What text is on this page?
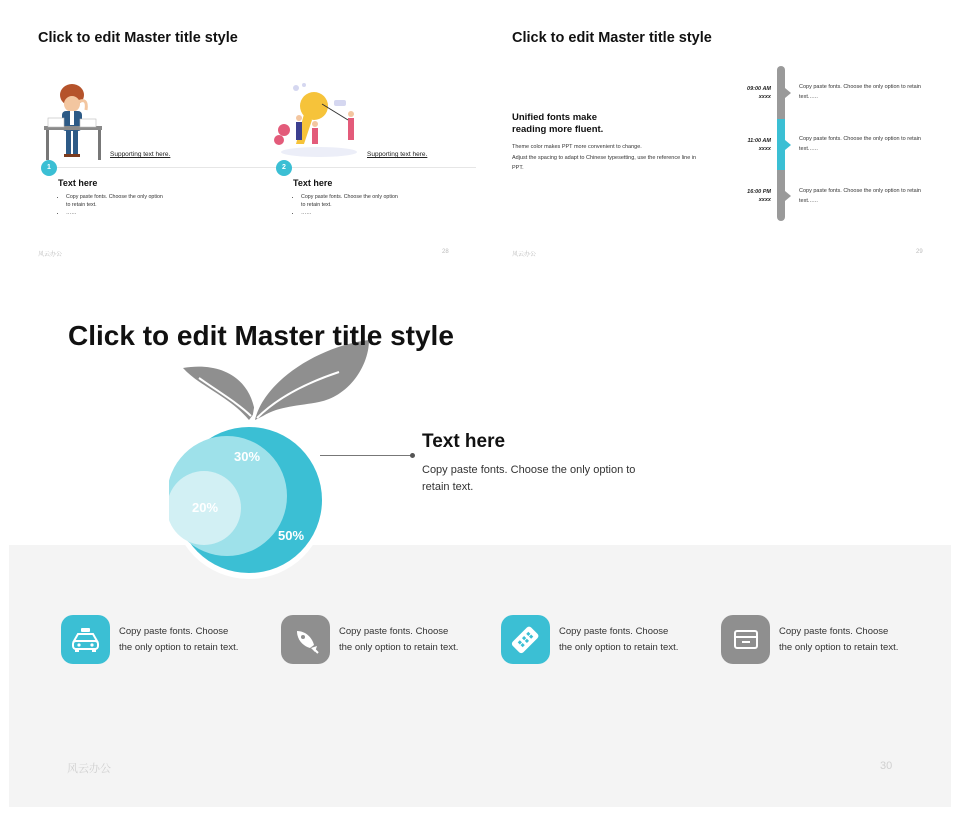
Click to edit Master title style
Supporting text here.	Supporting text here.
1	2
Text here	Text here
• Copy paste fonts. Choose the only option to retain text.
• ……
• Copy paste fonts. Choose the only option to retain text.
• ……
风云办公	28
Click to edit Master title style
Unified fonts make reading more fluent.
Theme color makes PPT more convenient to change.
Adjust the spacing to adapt to Chinese typesetting, use the reference line in PPT.
09:00 AM
xxxx
11:00 AM
xxxx
16:00 PM
xxxx
Copy paste fonts. Choose the only option to retain text.…..
Copy paste fonts. Choose the only option to retain text.…..
Copy paste fonts. Choose the only option to retain text.…..
风云办公	29
Click to edit Master title style
30%
20%
50%
Text here
Copy paste fonts. Choose the only option to retain text.
Copy paste fonts. Choose the only option to retain text.
Copy paste fonts. Choose the only option to retain text.
Copy paste fonts. Choose the only option to retain text.
Copy paste fonts. Choose the only option to retain text.
风云办公	30
